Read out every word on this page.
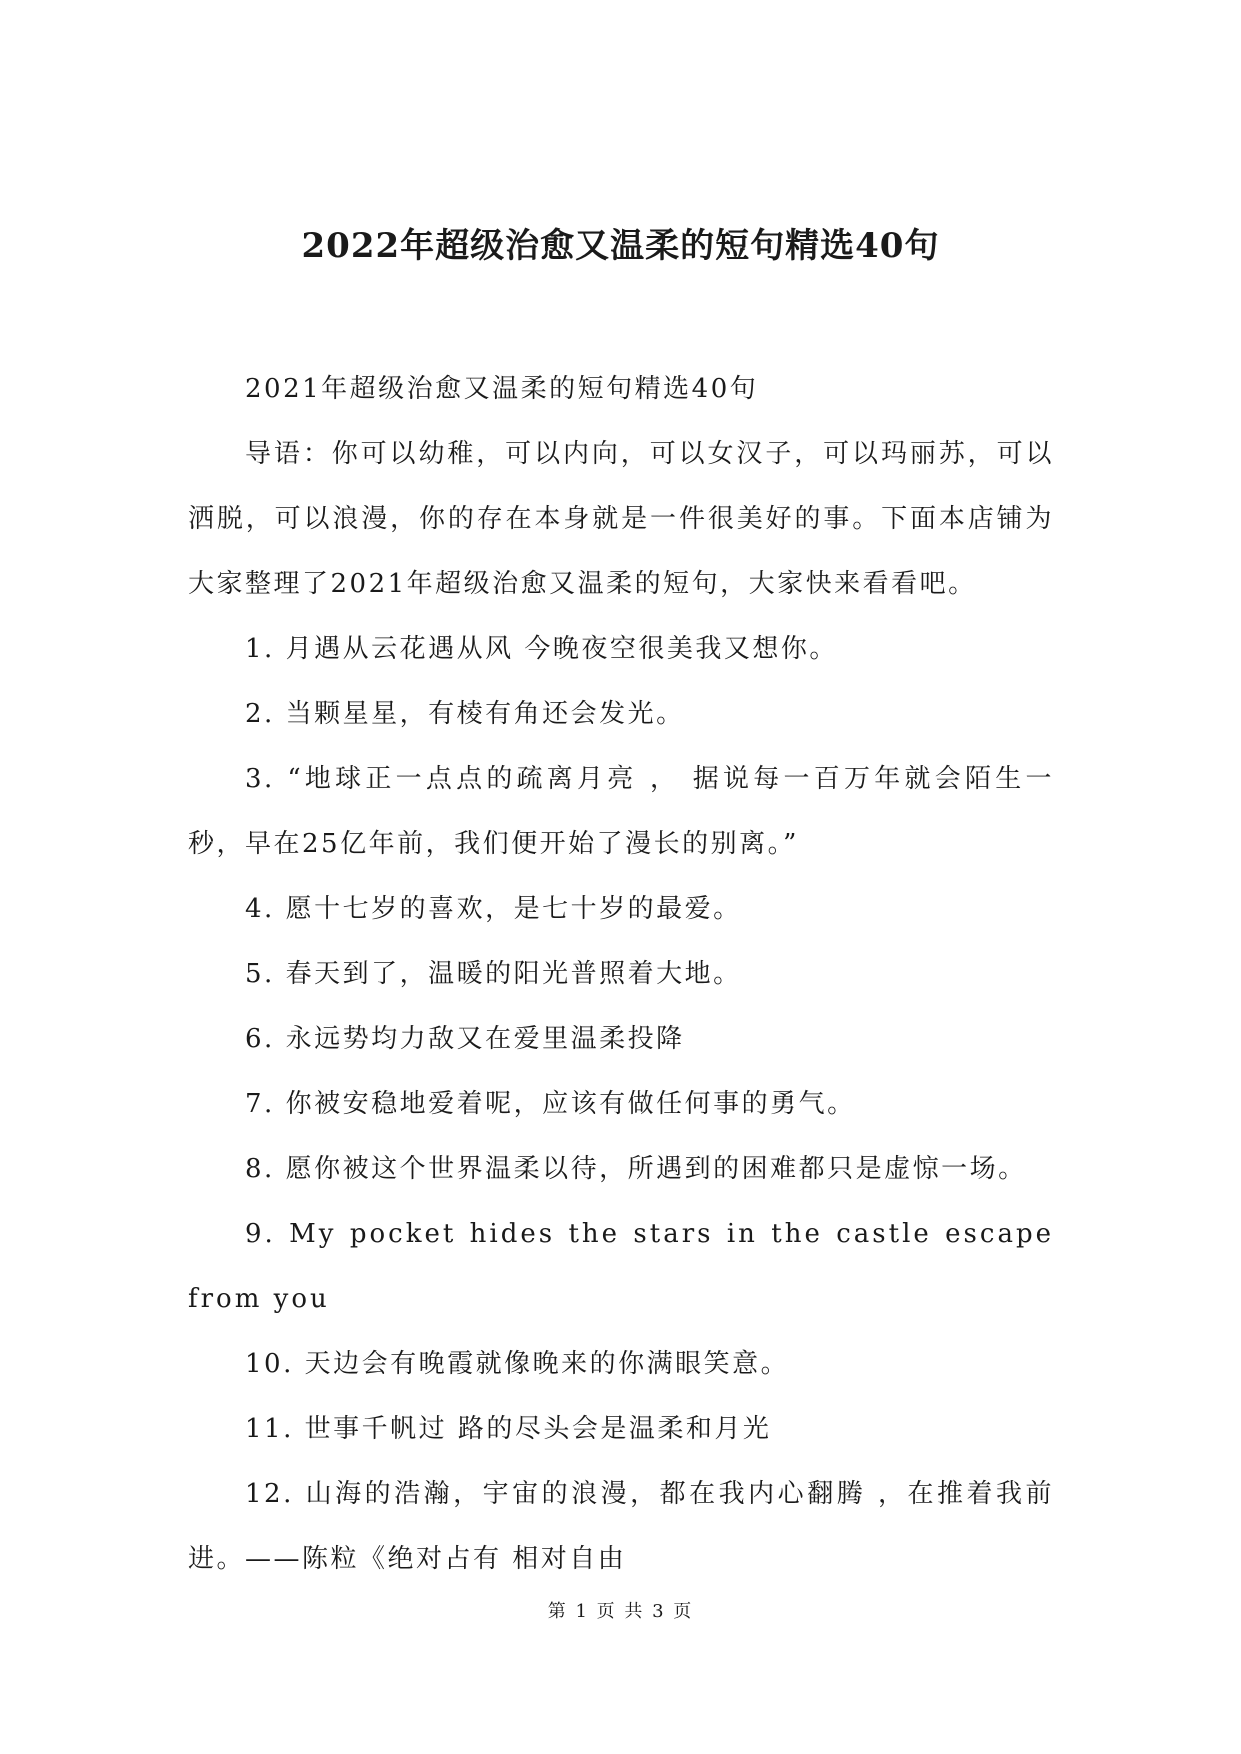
2022年超级治愈又温柔的短句精选40句

2021年超级治愈又温柔的短句精选40句

导语：你可以幼稚，可以内向，可以女汉子，可以玛丽苏，可以洒脱，可以浪漫，你的存在本身就是一件很美好的事。下面本店铺为大家整理了2021年超级治愈又温柔的短句，大家快来看看吧。

1. 月遇从云花遇从风 今晚夜空很美我又想你。

2. 当颗星星，有棱有角还会发光。

3. “地球正一点点的疏离月亮 ， 据说每一百万年就会陌生一秒，早在25亿年前，我们便开始了漫长的别离。”

4. 愿十七岁的喜欢，是七十岁的最爱。

5. 春天到了，温暖的阳光普照着大地。

6. 永远势均力敌又在爱里温柔投降

7. 你被安稳地爱着呢，应该有做任何事的勇气。

8. 愿你被这个世界温柔以待，所遇到的困难都只是虚惊一场。

9. My pocket hides the stars in the castle escape from you

10. 天边会有晚霞就像晚来的你满眼笑意。

11. 世事千帆过 路的尽头会是温柔和月光

12. 山海的浩瀚，宇宙的浪漫，都在我内心翻腾 ，在推着我前进。——陈粒《绝对占有 相对自由

第 1 页 共 3 页
